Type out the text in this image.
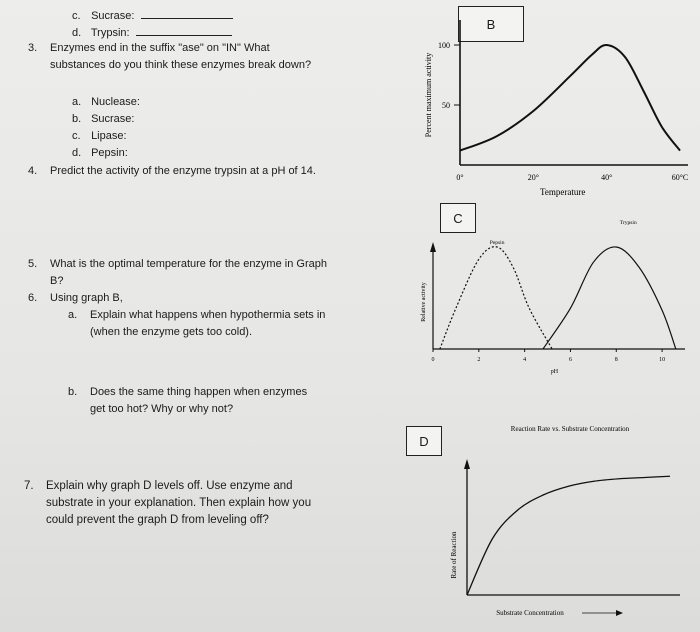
c. Sucrase:
d. Trypsin:
3. Enzymes end in the suffix "ase" on "IN" What substances do you think these enzymes break down?
a. Nuclease:
b. Sucrase:
c. Lipase:
d. Pepsin:
4. Predict the activity of the enzyme trypsin at a pH of 14.
5. What is the optimal temperature for the enzyme in Graph B?
6. Using graph B,
a. Explain what happens when hypothermia sets in (when the enzyme gets too cold).
b. Does the same thing happen when enzymes get too hot? Why or why not?
7. Explain why graph D levels off. Use enzyme and substrate in your explanation. Then explain how you could prevent the graph D from leveling off?
B
C
D
100
50
0°	20°	40°	60°C
Temperature
Percent maximum activity
0	2	4	6	8	10
pH
Relative activity
Pepsin
Trypsin
Reaction Rate vs. Substrate Concentration
Rate of Reaction
Substrate Concentration
